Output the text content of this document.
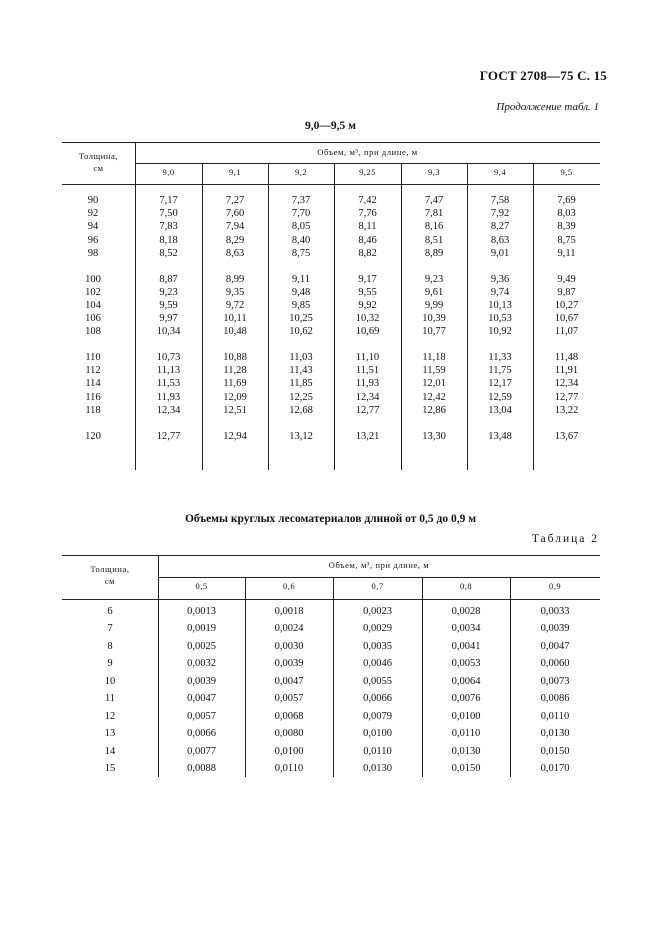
ГОСТ 2708—75 С. 15
Продолжение табл. 1
9,0—9,5 м
Толщина,
см
Объем, м³, при длине, м
9,0	9,1	9,2	9,25	9,3	9,4	9,5
90	7,17	7,27	7,37	7,42	7,47	7,58	7,69
92	7,50	7,60	7,70	7,76	7,81	7,92	8,03
94	7,83	7,94	8,05	8,11	8,16	8,27	8,39
96	8,18	8,29	8,40	8,46	8,51	8,63	8,75
98	8,52	8,63	8,75	8,82	8,89	9,01	9,11
100	8,87	8,99	9,11	9,17	9,23	9,36	9,49
102	9,23	9,35	9,48	9,55	9,61	9,74	9,87
104	9,59	9,72	9,85	9,92	9,99	10,13	10,27
106	9,97	10,11	10,25	10,32	10,39	10,53	10,67
108	10,34	10,48	10,62	10,69	10,77	10,92	11,07
110	10,73	10,88	11,03	11,10	11,18	11,33	11,48
112	11,13	11,28	11,43	11,51	11,59	11,75	11,91
114	11,53	11,69	11,85	11,93	12,01	12,17	12,34
116	11,93	12,09	12,25	12,34	12,42	12,59	12,77
118	12,34	12,51	12,68	12,77	12,86	13,04	13,22
120	12,77	12,94	13,12	13,21	13,30	13,48	13,67
Объемы круглых лесоматериалов длиной от 0,5 до 0,9 м
Таблица 2
Толщина,
см
Объем, м³, при длине, м
0,5	0,6	0,7	0,8	0,9
6	0,0013	0,0018	0,0023	0,0028	0,0033
7	0,0019	0,0024	0,0029	0,0034	0,0039
8	0,0025	0,0030	0,0035	0,0041	0,0047
9	0,0032	0,0039	0,0046	0,0053	0,0060
10	0,0039	0,0047	0,0055	0,0064	0,0073
11	0,0047	0,0057	0,0066	0,0076	0,0086
12	0,0057	0,0068	0,0079	0,0100	0,0110
13	0,0066	0,0080	0,0100	0,0110	0,0130
14	0,0077	0,0100	0,0110	0,0130	0,0150
15	0,0088	0,0110	0,0130	0,0150	0,0170
